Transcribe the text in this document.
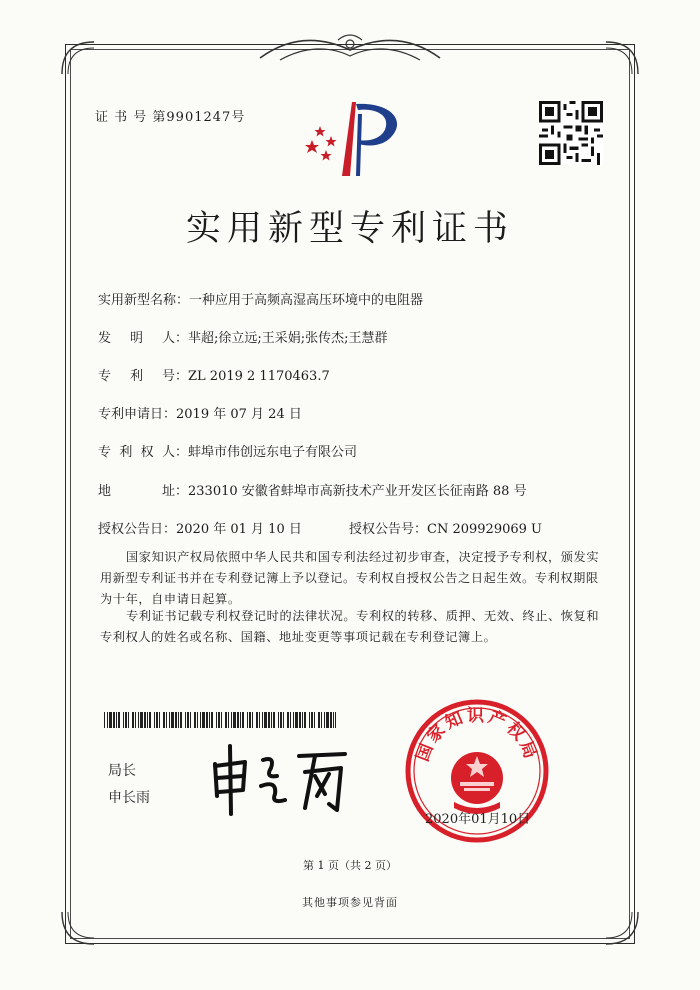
证 书 号 第9901247号
实用新型专利证书
实用新型名称：一种应用于高频高湿高压环境中的电阻器
发 明 人： 芈超;徐立远;王采娟;张传杰;王慧群
专 利 号： ZL 2019 2 1170463.7
专利申请日：2019 年 07 月 24 日
专 利 权 人： 蚌埠市伟创远东电子有限公司
地	址： 233010 安徽省蚌埠市高新技术产业开发区长征南路 88 号
授权公告日：2020 年 01 月 10 日	授权公告号：CN 209929069 U
国家知识产权局依照中华人民共和国专利法经过初步审查，决定授予专利权，颁发实用新型专利证书并在专利登记簿上予以登记。专利权自授权公告之日起生效。专利权期限为十年，自申请日起算。
专利证书记载专利权登记时的法律状况。专利权的转移、质押、无效、终止、恢复和专利权人的姓名或名称、国籍、地址变更等事项记载在专利登记簿上。
局长
申长雨
国家知识产权局
2020年01月10日
第 1 页（共 2 页）
其他事项参见背面
